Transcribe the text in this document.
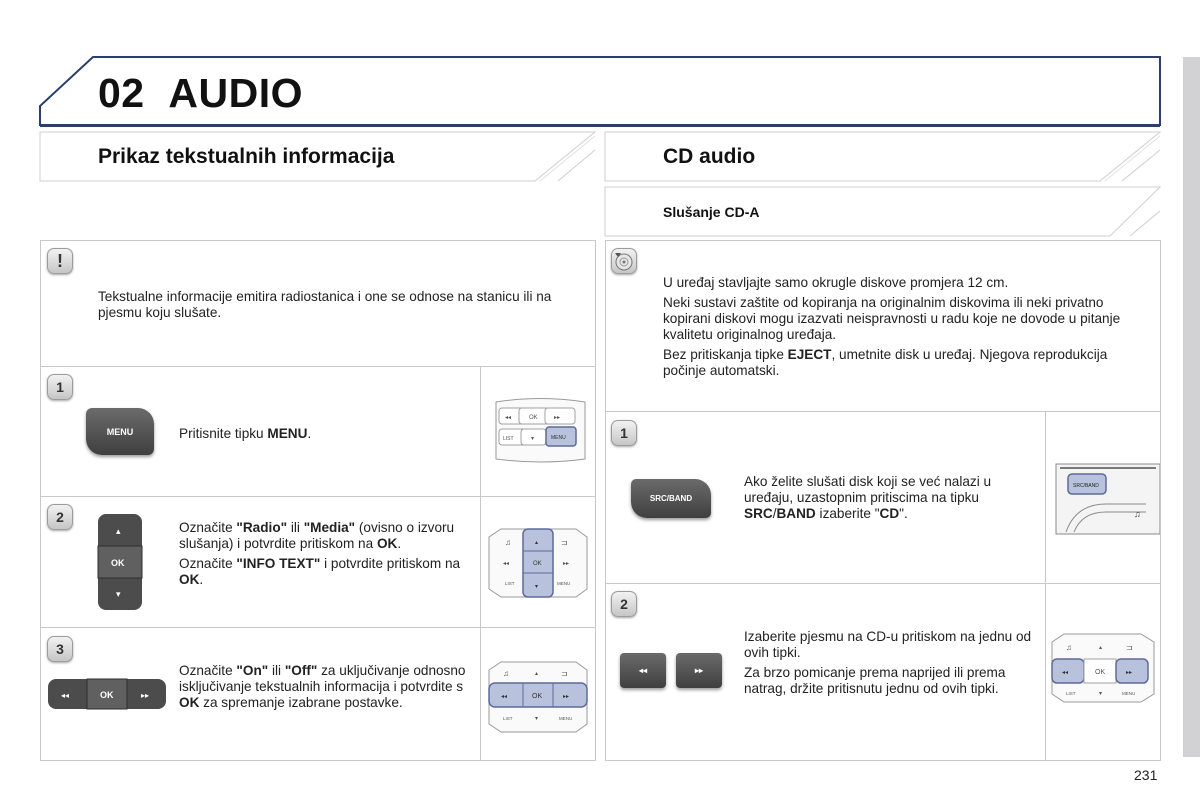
02 AUDIO
Prikaz tekstualnih informacija	CD audio
Slušanje CD-A
!
Tekstualne informacije emitira radiostanica i one se odnose na stanicu ili na pjesmu koju slušate.
1
MENU	Pritisnite tipku MENU.
◂◂	OK	▸▸
LIST	▾	MENU
2
▴
OK
▾

Označite "Radio" ili "Media" (ovisno o izvoru slušanja) i potvrdite pritiskom na OK.

Označite "INFO TEXT" i potvrdite pritiskom na OK.

♫	⊐
▴
OK
▾
◂◂	▸▸
LIST	MENU
3
◂◂	OK	▸▸
Označite "On" ili "Off" za uključivanje odnosno isključivanje tekstualnih informacija i potvrdite s OK za spremanje izabrane postavke.
♫	▴	⊐
◂◂	OK	▸▸
LIST	▾	MENU

U uređaj stavljajte samo okrugle diskove promjera 12 cm.

Neki sustavi zaštite od kopiranja na originalnim diskovima ili neki privatno kopirani diskovi mogu izazvati neispravnosti u radu koje ne dovode u pitanje kvalitetu originalnog uređaja.

Bez pritiskanja tipke EJECT, umetnite disk u uređaj. Njegova reprodukcija počinje automatski.

1
SRC/BAND
Ako želite slušati disk koji se već nalazi u uređaju, uzastopnim pritiscima na tipku SRC/BAND izaberite "CD".
SRC/BAND
♫
2
◂◂	▸▸

Izaberite pjesmu na CD-u pritiskom na jednu od ovih tipki.

Za brzo pomicanje prema naprijed ili prema natrag, držite pritisnutu jednu od ovih tipki.

♫	▴	⊐
◂◂	OK	▸▸
LIST	▾	MENU
231
